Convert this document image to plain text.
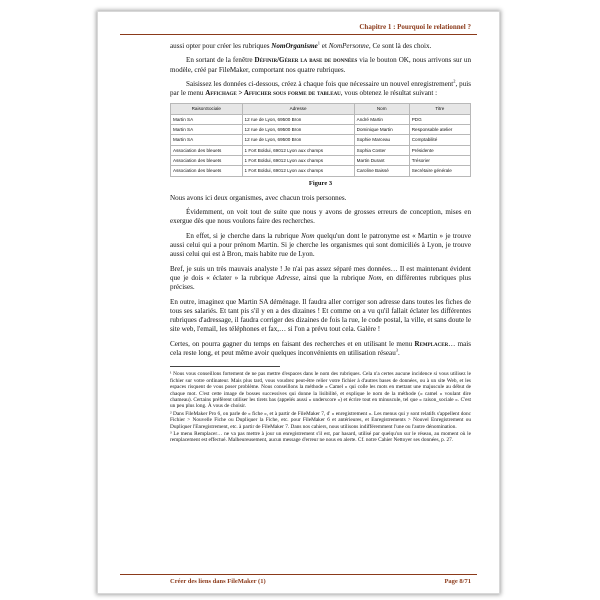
Chapitre 1 : Pourquoi le relationnel ?

aussi opter pour créer les rubriques NomOrganisme$^1$ et NomPersonne, Ce sont là des choix.

En sortant de la fenêtre Définir/Gérer la base de données via le bouton OK, nous arrivons sur un modèle, créé par FileMaker, comportant nos quatre rubriques.

Saisissez les données ci-dessous, créez à chaque fois que nécessaire un nouvel enregistrement$^2$, puis par le menu Affichage > Afficher sous forme de tableau, vous obtenez le résultat suivant :

RaisonSociale	Adresse	Nom	Titre
Martin SA	12 rue de Lyon, 69500 Bron	André Martin	PDG
Martin SA	12 rue de Lyon, 69500 Bron	Dominique Martin	Responsable atelier
Martin SA	12 rue de Lyon, 69500 Bron	Sophie Marceau	Comptabilité
Association des bleuets	1 Fort Boldui, 69012 Lyon aux champs	Sophia Coster	Présidente
Association des bleuets	1 Fort Boldui, 69012 Lyon aux champs	Martin Durant	Trésorier
Association des bleuets	1 Fort Boldui, 69012 Lyon aux champs	Caroline Baissé	Secrétaire générale
Figure 3

Nous avons ici deux organismes, avec chacun trois personnes.

Évidemment, on voit tout de suite que nous y avons de grosses erreurs de conception, mises en exergue dès que nous voulons faire des recherches.

En effet, si je cherche dans la rubrique Nom quelqu'un dont le patronyme est « Martin » je trouve aussi celui qui a pour prénom Martin. Si je cherche les organismes qui sont domiciliés à Lyon, je trouve aussi celui qui est à Bron, mais habite rue de Lyon.

Bref, je suis un très mauvais analyste ! Je n'ai pas assez séparé mes données… Il est maintenant évident que je dois « éclater » la rubrique Adresse, ainsi que la rubrique Nom, en différentes rubriques plus précises.

En outre, imaginez que Martin SA déménage. Il faudra aller corriger son adresse dans toutes les fiches de tous ses salariés. Et tant pis s'il y en a des dizaines ! Et comme on a vu qu'il fallait éclater les différentes rubriques d'adressage, il faudra corriger des dizaines de fois la rue, le code postal, la ville, et sans doute le site web, l'email, les téléphones et fax,… si l'on a prévu tout cela. Galère !

Certes, on pourra gagner du temps en faisant des recherches et en utilisant le menu Remplacer… mais cela reste long, et peut même avoir quelques inconvénients en utilisation réseau$^3$.

¹ Nous vous conseillons fortement de ne pas mettre d'espaces dans le nom des rubriques. Cela n'a certes aucune incidence si vous utilisez le fichier sur votre ordinateur. Mais plus tard, vous voudrez peut-être relier votre fichier à d'autres bases de données, ou à un site Web, et les espaces risquent de vous poser problème. Nous conseillons la méthode « Camel » qui colle les mots en mettant une majuscule au début de chaque mot. C'est cette image de bosses successives qui donne la lisibilité, et explique le nom de la méthode (« camel » voulant dire chameau). Certains préfèrent utiliser les tirets bas (appelés aussi « underscore ») et écrire tout en minuscule, tel que « raison_sociale ». C'est un peu plus long. À vous de choisir.

² Dans FileMaker Pro 6, on parle de « fiche », et à partir de FileMaker 7, d' « enregistrement ». Les menus qui y sont relatifs s'appellent donc Fichier > Nouvelle Fiche ou Dupliquer la Fiche, etc. pour FileMaker 6 et antérieures, et Enregistrements > Nouvel Enregistrement ou Dupliquer l'Enregistrement, etc. à partir de FileMaker 7. Dans nos cahiers, nous utilisons indifféremment l'une ou l'autre dénomination.

³ Le menu Remplacer… ne va pas mettre à jour un enregistrement s'il est, par hasard, utilisé par quelqu'un sur le réseau, au moment où le remplacement est effectué. Malheureusement, aucun message d'erreur ne nous en alerte. Cf. notre Cahier Nettoyer ses données, p. 27.

Créer des liens dans FileMaker (1)	Page 8/71
